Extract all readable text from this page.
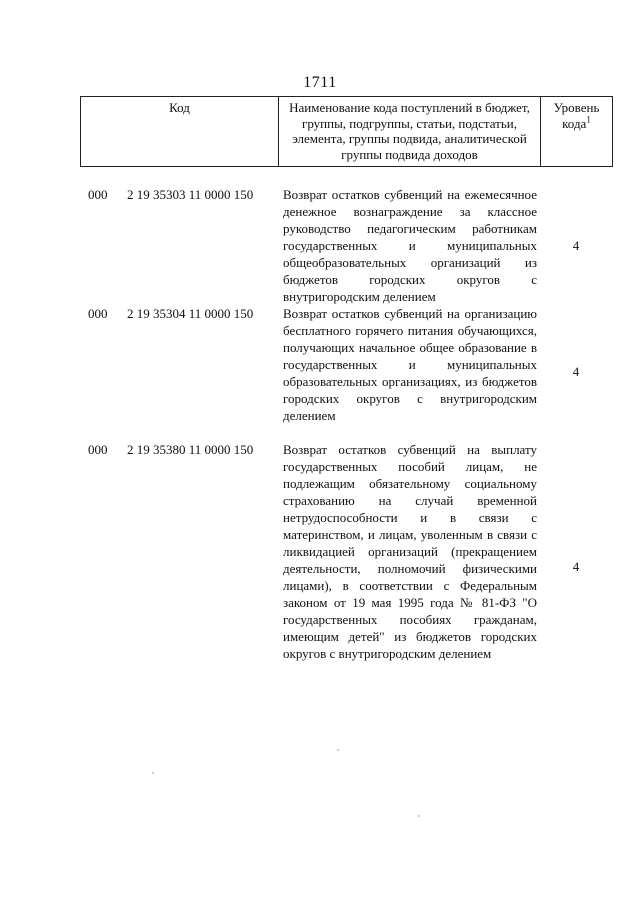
1711
Код	Наименование кода поступлений в бюджет, группы, подгруппы, статьи, подстатьи, элемента, группы подвида, аналитической группы подвида доходов
Уровень кода$^1$
000 2 19 35303 11 0000 150 Возврат остатков субвенций на ежемесячное денежное вознаграждение за классное руководство педагогическим работникам государственных и муниципальных общеобразовательных организаций из бюджетов городских округов с внутригородским делением
4
000 2 19 35304 11 0000 150 Возврат остатков субвенций на организацию бесплатного горячего питания обучающихся, получающих начальное общее образование в государственных и муниципальных образовательных организациях, из бюджетов городских округов с внутригородским делением
4
000 2 19 35380 11 0000 150 Возврат остатков субвенций на выплату государственных пособий лицам, не подлежащим обязательному социальному страхованию на случай временной нетрудоспособности и в связи с материнством, и лицам, уволенным в связи с ликвидацией организаций (прекращением деятельности, полномочий физическими лицами), в соответствии с Федеральным законом от 19 мая 1995 года № 81-ФЗ "О государственных пособиях гражданам, имеющим детей" из бюджетов городских округов с внутригородским делением
4
